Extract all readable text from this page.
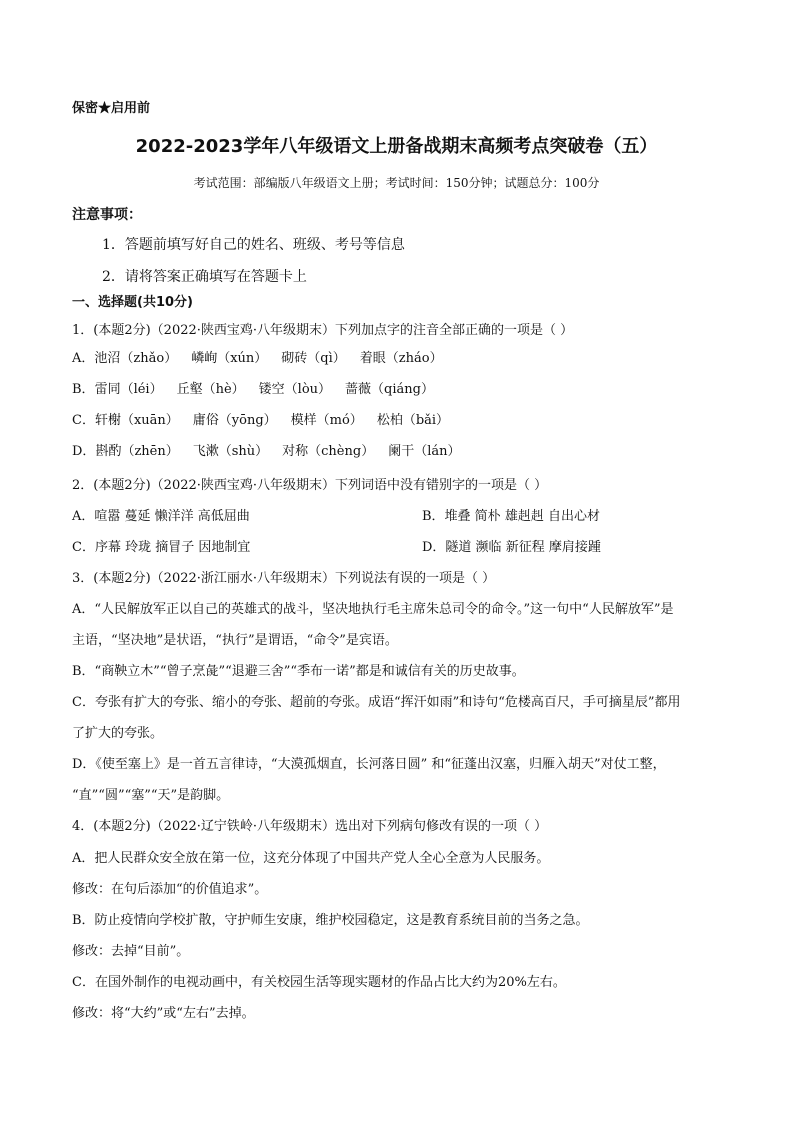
保密★启用前
2022-2023学年八年级语文上册备战期末高频考点突破卷（五）
考试范围：部编版八年级语文上册；考试时间：150分钟；试题总分：100分
注意事项：
1．答题前填写好自己的姓名、班级、考号等信息
2．请将答案正确填写在答题卡上
一、选择题(共10分)
1．(本题2分)（2022·陕西宝鸡·八年级期末）下列加点字的注音全部正确的一项是（ ）
A．池沼（zhǎo） 嶙峋（xún） 砌砖（qì） 着眼（zháo）
B．雷同（léi） 丘壑（hè） 镂空（lòu） 蔷薇（qiáng）
C．轩榭（xuān） 庸俗（yōng） 模样（mó） 松柏（bǎi）
D．斟酌（zhēn） 飞漱（shù） 对称（chèng） 阑干（lán）
2．(本题2分)（2022·陕西宝鸡·八年级期末）下列词语中没有错别字的一项是（ ）
A．喧嚣 蔓延 懒洋洋 高低屈曲	B．堆叠 简朴 雄赳赳 自出心材
C．序幕 玲珑 摘冒子 因地制宜	D．隧道 濒临 新征程 摩肩接踵
3．(本题2分)（2022·浙江丽水·八年级期末）下列说法有误的一项是（ ）
A．“人民解放军正以自己的英雄式的战斗，坚决地执行毛主席朱总司令的命令。”这一句中“人民解放军”是
主语，“坚决地”是状语，“执行”是谓语，“命令”是宾语。
B．“商鞅立木”“曾子烹彘”“退避三舍”“季布一诺”都是和诚信有关的历史故事。
C．夸张有扩大的夸张、缩小的夸张、超前的夸张。成语“挥汗如雨”和诗句“危楼高百尺，手可摘星辰”都用
了扩大的夸张。
D．《使至塞上》是一首五言律诗，“大漠孤烟直，长河落日圆” 和“征蓬出汉塞，归雁入胡天”对仗工整，
“直”“圆”“塞”“天”是韵脚。
4．(本题2分)（2022·辽宁铁岭·八年级期末）选出对下列病句修改有误的一项（ ）
A．把人民群众安全放在第一位，这充分体现了中国共产党人全心全意为人民服务。
修改：在句后添加“的价值追求”。
B．防止疫情向学校扩散，守护师生安康，维护校园稳定，这是教育系统目前的当务之急。
修改：去掉“目前”。
C．在国外制作的电视动画中，有关校园生活等现实题材的作品占比大约为20%左右。
修改：将“大约”或“左右”去掉。
